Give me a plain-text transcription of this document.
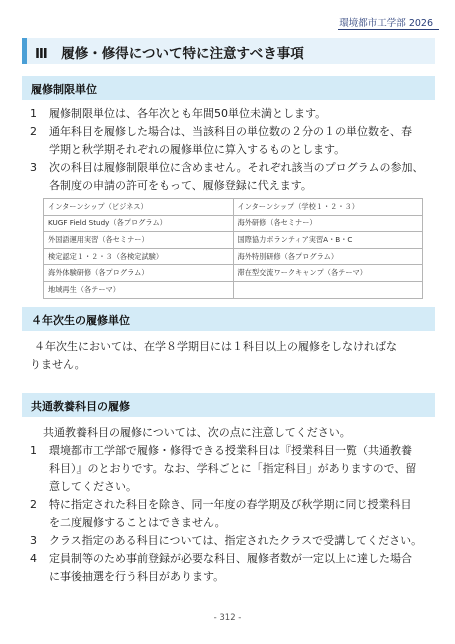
環境都市工学部 2026
Ⅲ　履修・修得について特に注意すべき事項
履修制限単位
1 履修制限単位は、各年次とも年間50単位未満とします。
2 通年科目を履修した場合は、当該科目の単位数の２分の１の単位数を、春
学期と秋学期それぞれの履修単位に算入するものとします。
3 次の科目は履修制限単位に含めません。それぞれ該当のプログラムの参加、
各制度の申請の許可をもって、履修登録に代えます。
インターンシップ（ビジネス）	インターンシップ（学校１・２・３）
KUGF Field Study（各プログラム）	海外研修（各セミナー）
外国語運用実習（各セミナー）	国際協力ボランティア実習A・B・C
検定認定１・２・３（各検定試験）	海外特別研修（各プログラム）
海外体験研修（各プログラム）	滞在型交流ワークキャンプ（各テーマ）
地域再生（各テーマ）	
４年次生の履修単位
４年次生においては、在学８学期目には１科目以上の履修をしなければな
りません。
共通教養科目の履修
共通教養科目の履修については、次の点に注意してください。
1 環境都市工学部で履修・修得できる授業科目は『授業科目一覧（共通教養
科目）』のとおりです。なお、学科ごとに「指定科目」がありますので、留
意してください。
2 特に指定された科目を除き、同一年度の春学期及び秋学期に同じ授業科目
を二度履修することはできません。
3 クラス指定のある科目については、指定されたクラスで受講してください。
4 定員制等のため事前登録が必要な科目、履修者数が一定以上に達した場合
に事後抽選を行う科目があります。
- 312 -
